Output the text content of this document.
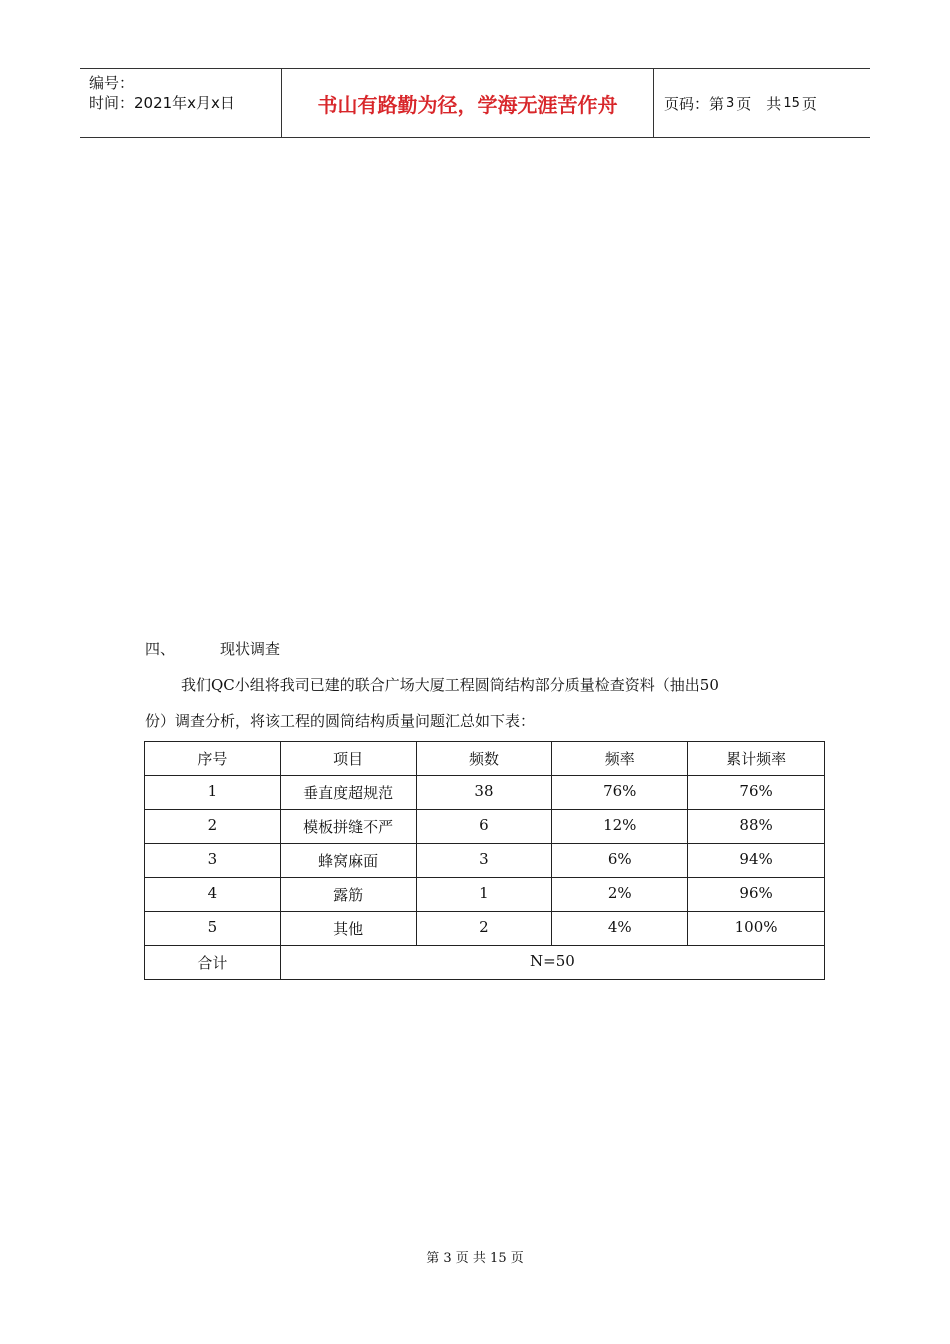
编号：
时间：2021年x月x日	书山有路勤为径，学海无涯苦作舟	页码：第 3 页　共 15 页
四、	现状调查
我们QC小组将我司已建的联合广场大厦工程圆筒结构部分质量检查资料（抽出50
份）调查分析，将该工程的圆筒结构质量问题汇总如下表：
序号	项目	频数	频率	累计频率
1	垂直度超规范	38	76%	76%
2	模板拼缝不严	6	12%	88%
3	蜂窝麻面	3	6%	94%
4	露筋	1	2%	96%
5	其他	2	4%	100%
合计	N=50			
第 3 页 共 15 页
